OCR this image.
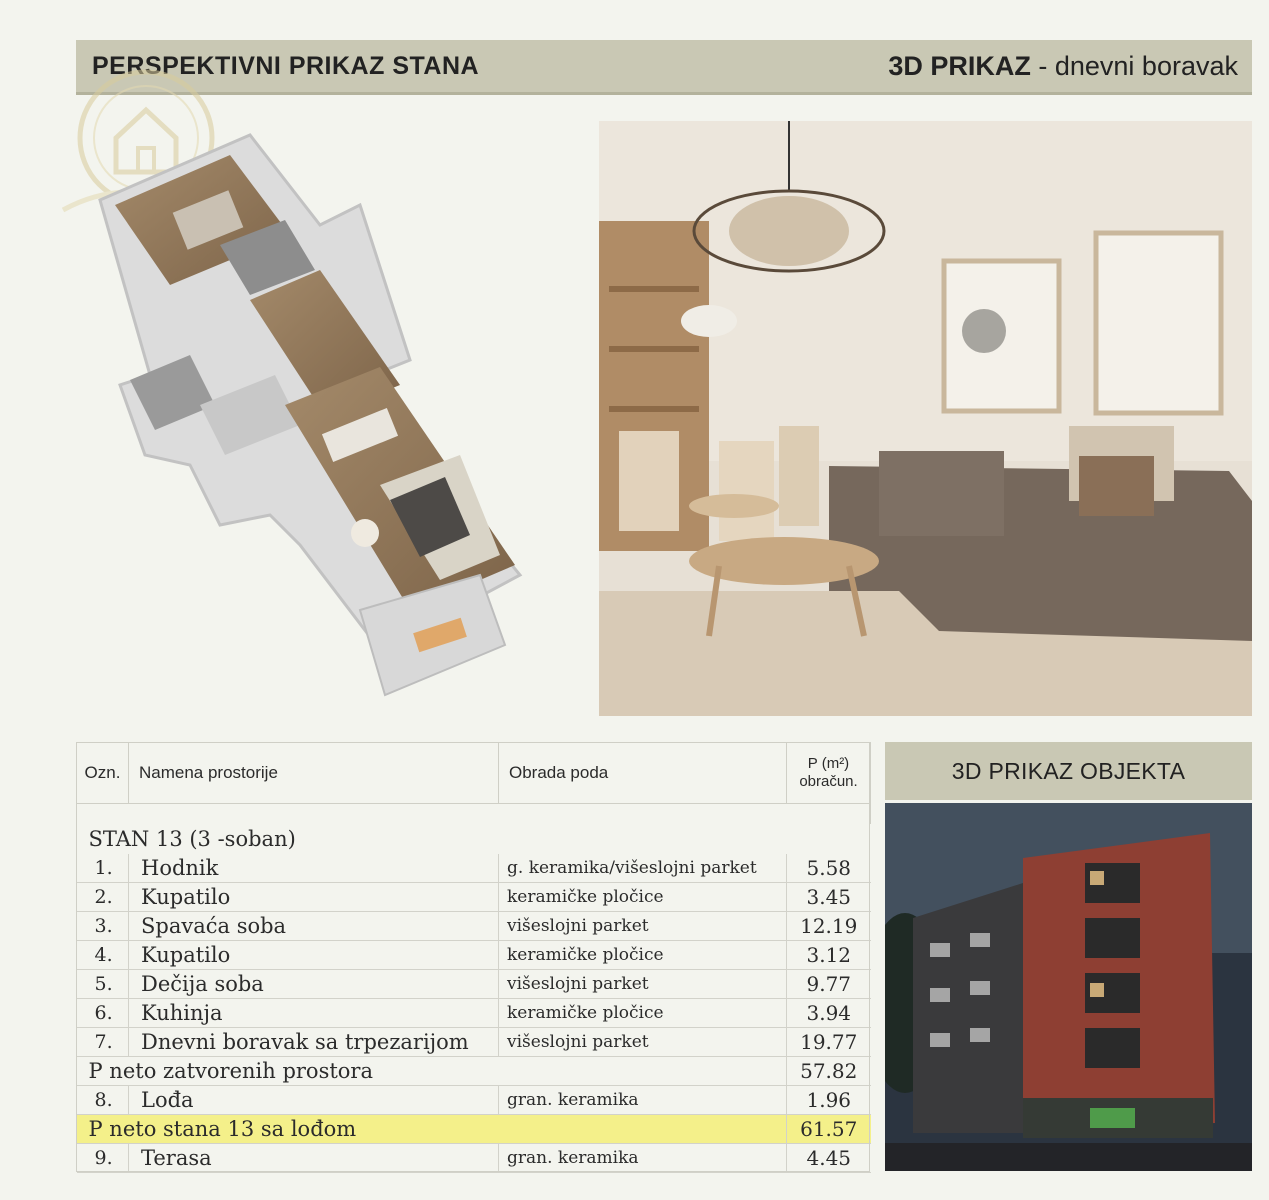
PERSPEKTIVNI PRIKAZ STANA	3D PRIKAZ - dnevni boravak
3D PRIKAZ OBJEKTA
Ozn.	Namena prostorije	Obrada poda	P (m²)
obračun.

STAN 13 (3 -soban)			
1.	Hodnik	g. keramika/višeslojni parket	5.58
2.	Kupatilo	keramičke pločice	3.45
3.	Spavaća soba	višeslojni parket	12.19
4.	Kupatilo	keramičke pločice	3.12
5.	Dečija soba	višeslojni parket	9.77
6.	Kuhinja	keramičke pločice	3.94
7.	Dnevni boravak sa trpezarijom	višeslojni parket	19.77
P neto zatvorenih prostora			57.82
8.	Lođa	gran. keramika	1.96
P neto stana 13 sa lođom			61.57
9.	Terasa	gran. keramika	4.45
